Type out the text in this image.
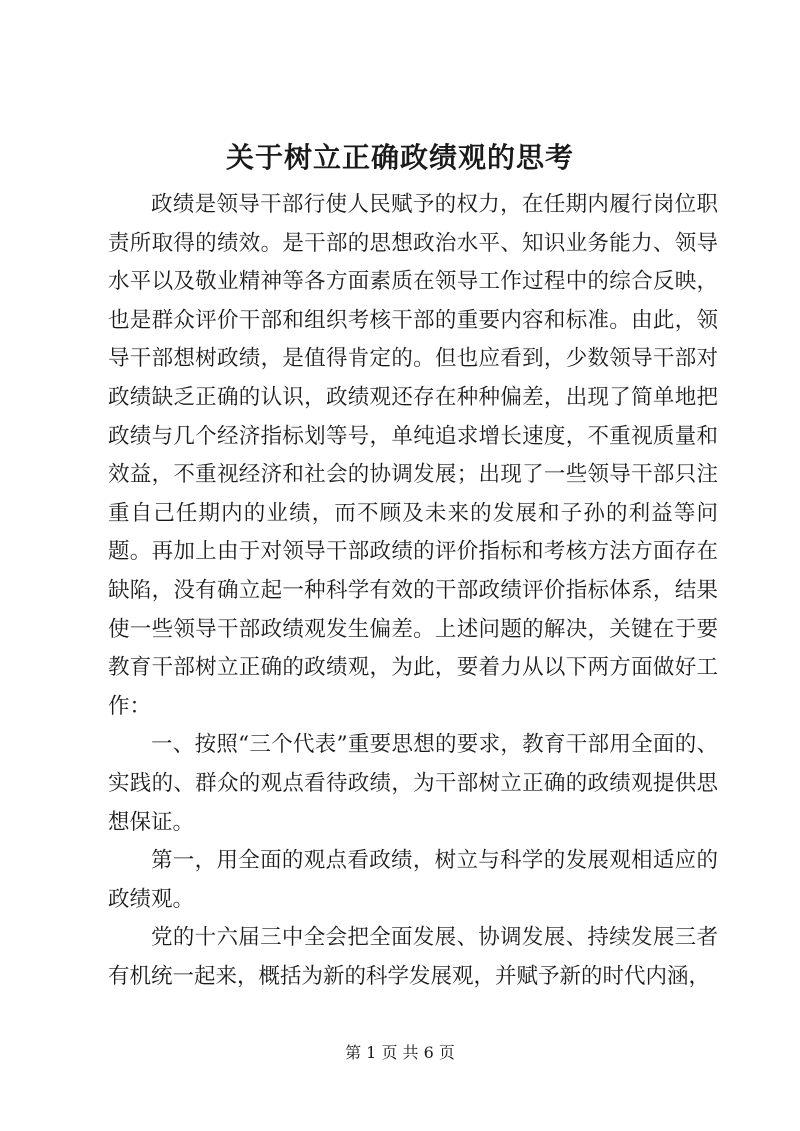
关于树立正确政绩观的思考

政绩是领导干部行使人民赋予的权力，在任期内履行岗位职责所取得的绩效。是干部的思想政治水平、知识业务能力、领导水平以及敬业精神等各方面素质在领导工作过程中的综合反映，也是群众评价干部和组织考核干部的重要内容和标准。由此，领导干部想树政绩，是值得肯定的。但也应看到，少数领导干部对政绩缺乏正确的认识，政绩观还存在种种偏差，出现了简单地把政绩与几个经济指标划等号，单纯追求增长速度，不重视质量和效益，不重视经济和社会的协调发展；出现了一些领导干部只注重自己任期内的业绩，而不顾及未来的发展和子孙的利益等问题。再加上由于对领导干部政绩的评价指标和考核方法方面存在缺陷，没有确立起一种科学有效的干部政绩评价指标体系，结果使一些领导干部政绩观发生偏差。上述问题的解决，关键在于要教育干部树立正确的政绩观，为此，要着力从以下两方面做好工作：

一、按照“三个代表”重要思想的要求，教育干部用全面的、实践的、群众的观点看待政绩，为干部树立正确的政绩观提供思想保证。

第一，用全面的观点看政绩，树立与科学的发展观相适应的政绩观。

党的十六届三中全会把全面发展、协调发展、持续发展三者有机统一起来，概括为新的科学发展观，并赋予新的时代内涵，

第 1 页 共 6 页
